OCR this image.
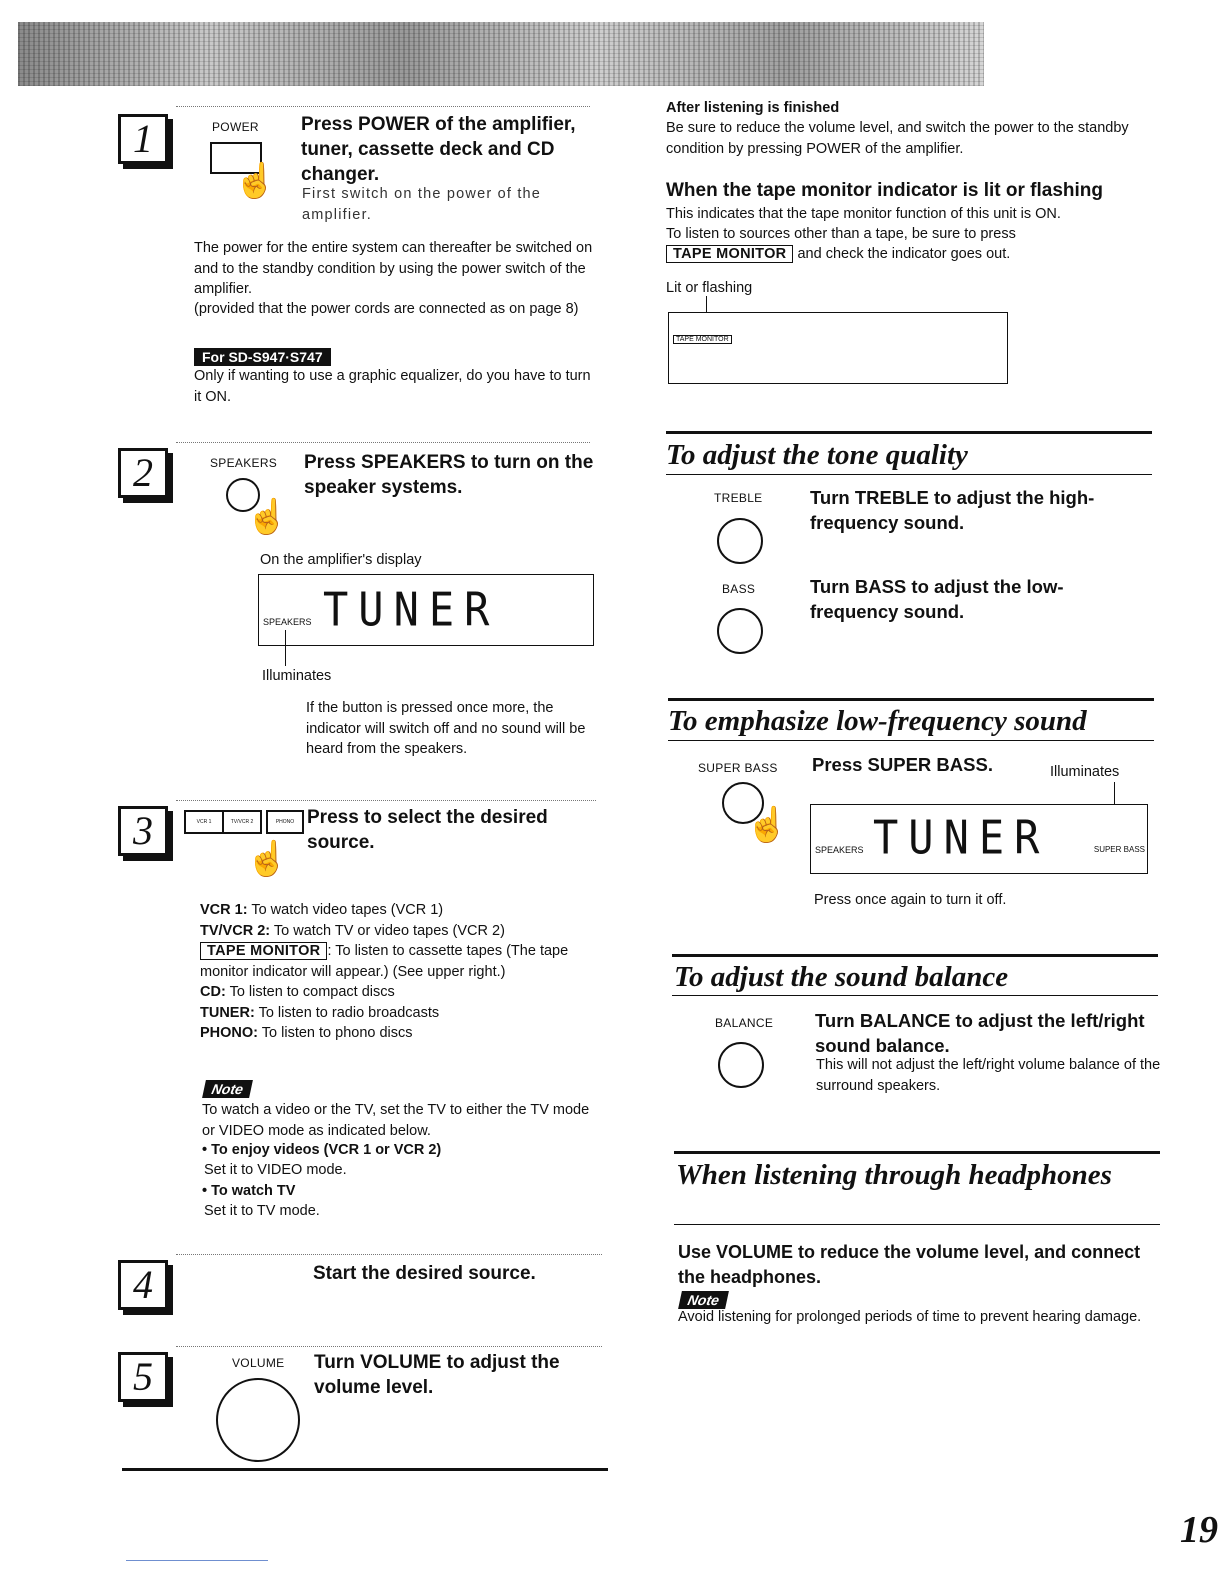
1	POWER
☝
Press POWER of the amplifier, tuner, cassette deck and CD changer.
First switch on the power of the amplifier.
The power for the entire system can thereafter be switched on and to the standby condition by using the power switch of the amplifier.
(provided that the power cords are connected as on page 8)
For SD-S947·S747
Only if wanting to use a graphic equalizer, do you have to turn it ON.
2	SPEAKERS
☝
Press SPEAKERS to turn on the speaker systems.
On the amplifier's display
SPEAKERS TUNER
Illuminates
If the button is pressed once more, the indicator will switch off and no sound will be heard from the speakers.
3	VCR 1	TV/VCR 2	PHONO
☝
Press to select the desired source.
VCR 1: To watch video tapes (VCR 1)
TV/VCR 2: To watch TV or video tapes (VCR 2)
TAPE MONITOR : To listen to cassette tapes (The tape monitor indicator will appear.) (See upper right.)
CD: To listen to compact discs
TUNER: To listen to radio broadcasts
PHONO: To listen to phono discs
Note
To watch a video or the TV, set the TV to either the TV mode or VIDEO mode as indicated below.
• To enjoy videos (VCR 1 or VCR 2)
Set it to VIDEO mode.
• To watch TV
Set it to TV mode.
4	Start the desired source.
5	VOLUME Turn VOLUME to adjust the volume level.
After listening is finished
Be sure to reduce the volume level, and switch the power to the standby condition by pressing POWER of the amplifier.
When the tape monitor indicator is lit or flashing
This indicates that the tape monitor function of this unit is ON.
To listen to sources other than a tape, be sure to press
TAPE MONITOR and check the indicator goes out.
Lit or flashing
TAPE MONITOR
To adjust the tone quality
TREBLE	Turn TREBLE to adjust the high-frequency sound.
BASS	Turn BASS to adjust the low-frequency sound.
To emphasize low-frequency sound
SUPER BASS
☝
Press SUPER BASS.	Illuminates
SPEAKERS TUNER	SUPER BASS
Press once again to turn it off.
To adjust the sound balance
BALANCE Turn BALANCE to adjust the left/right sound balance.
This will not adjust the left/right volume balance of the surround speakers.
When listening through headphones
Use VOLUME to reduce the volume level, and connect the headphones.
Note
Avoid listening for prolonged periods of time to prevent hearing damage.
19
